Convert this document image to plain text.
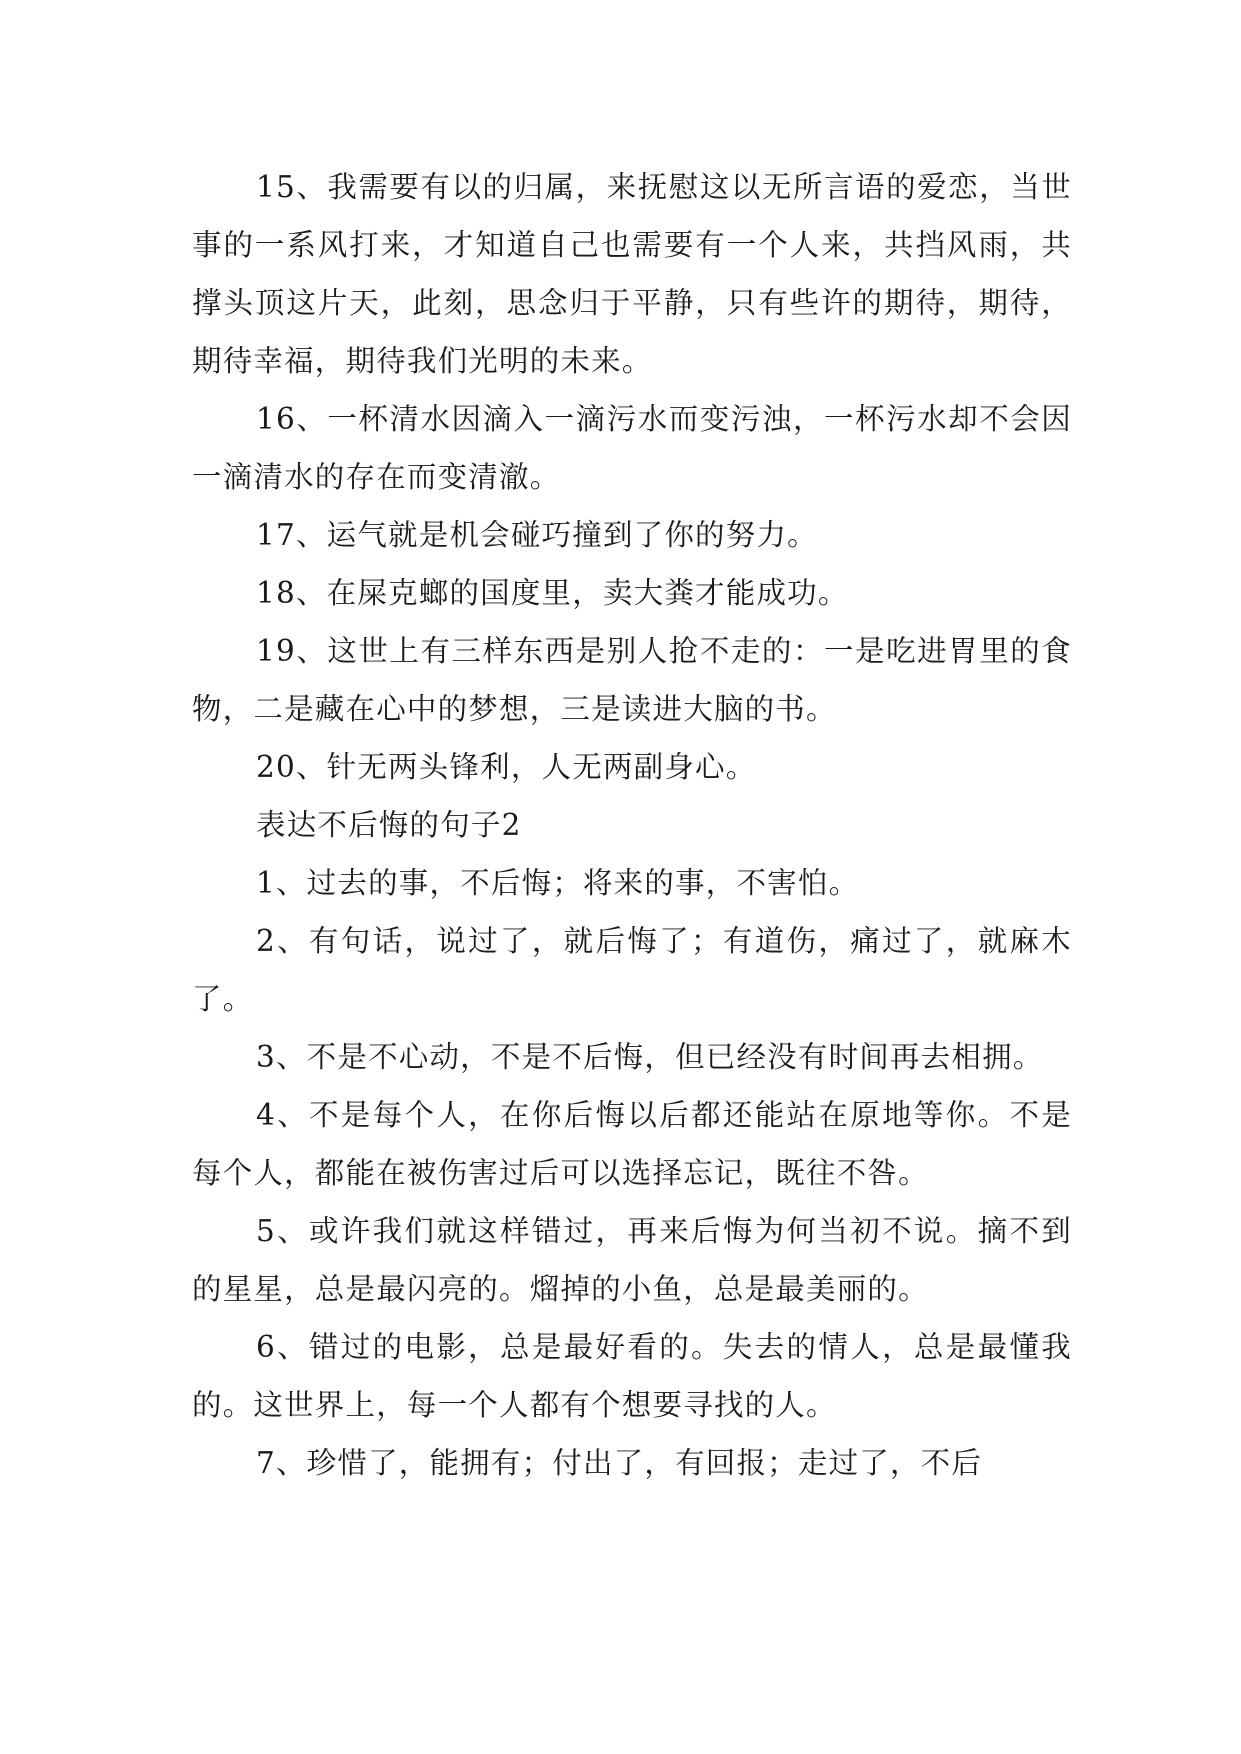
15、我需要有以的归属，来抚慰这以无所言语的爱恋，当世事的一系风打来，才知道自己也需要有一个人来，共挡风雨，共撑头顶这片天，此刻，思念归于平静，只有些许的期待，期待，期待幸福，期待我们光明的未来。

16、一杯清水因滴入一滴污水而变污浊，一杯污水却不会因一滴清水的存在而变清澈。

17、运气就是机会碰巧撞到了你的努力。

18、在屎克螂的国度里，卖大粪才能成功。

19、这世上有三样东西是别人抢不走的：一是吃进胃里的食物，二是藏在心中的梦想，三是读进大脑的书。

20、针无两头锋利，人无两副身心。

表达不后悔的句子2

1、过去的事，不后悔；将来的事，不害怕。

2、有句话，说过了，就后悔了；有道伤，痛过了，就麻木了。

3、不是不心动，不是不后悔，但已经没有时间再去相拥。

4、不是每个人，在你后悔以后都还能站在原地等你。不是每个人，都能在被伤害过后可以选择忘记，既往不咎。

5、或许我们就这样错过，再来后悔为何当初不说。摘不到的星星，总是最闪亮的。熘掉的小鱼，总是最美丽的。

6、错过的电影，总是最好看的。失去的情人，总是最懂我的。这世界上，每一个人都有个想要寻找的人。

7、珍惜了，能拥有；付出了，有回报；走过了，不后
